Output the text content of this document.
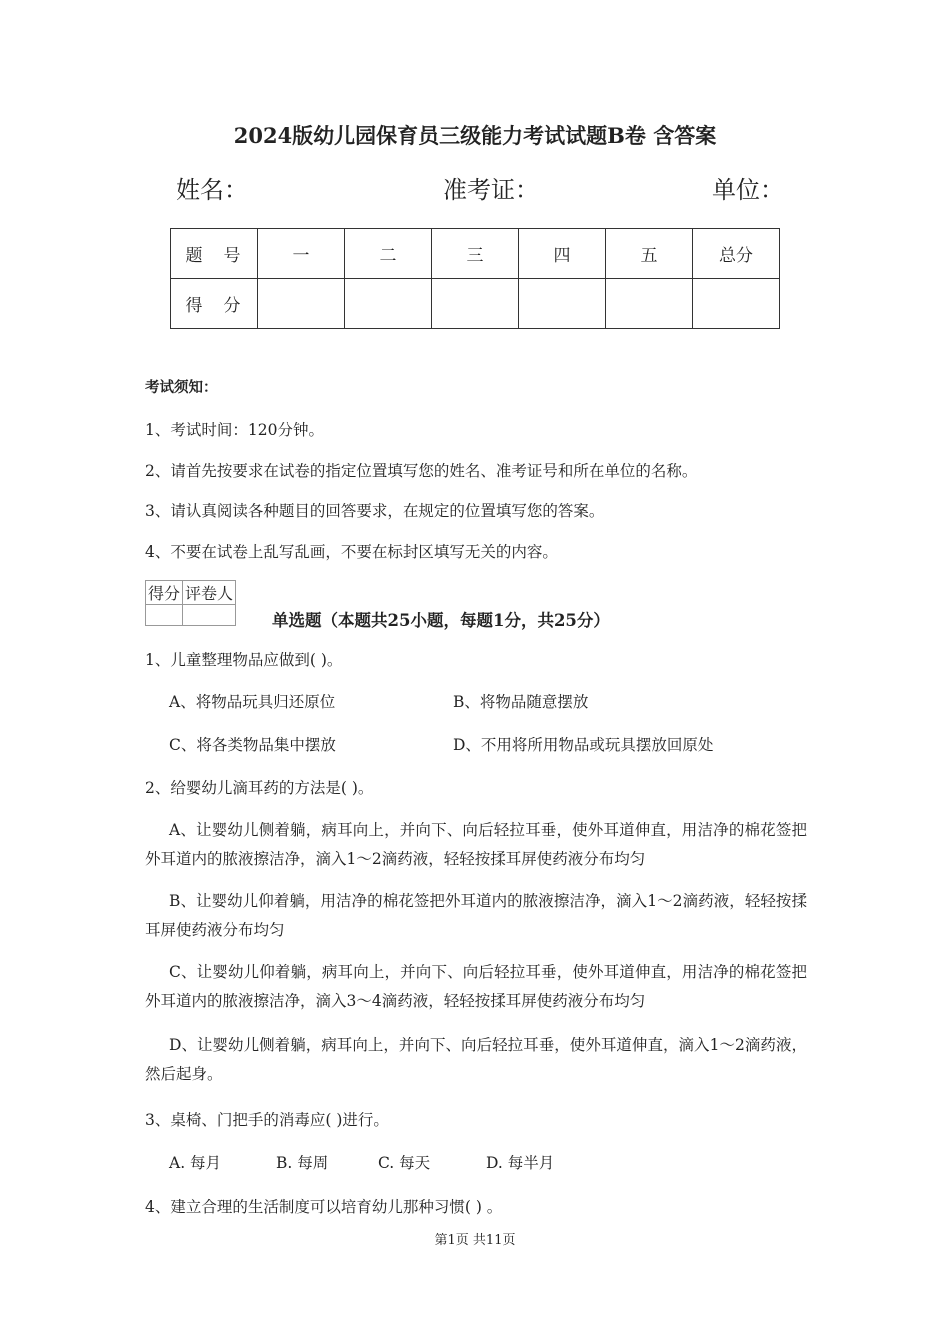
2024版幼儿园保育员三级能力考试试题B卷 含答案
姓名：	准考证：	单位：
题　号	一	二	三	四	五	总分
得　分						
考试须知：
1、考试时间：120分钟。
2、请首先按要求在试卷的指定位置填写您的姓名、准考证号和所在单位的名称。
3、请认真阅读各种题目的回答要求，在规定的位置填写您的答案。
4、不要在试卷上乱写乱画，不要在标封区填写无关的内容。
得分	评卷人

单选题（本题共25小题，每题1分，共25分）
1、儿童整理物品应做到( )。
A、将物品玩具归还原位	B、将物品随意摆放
C、将各类物品集中摆放	D、不用将所用物品或玩具摆放回原处
2、给婴幼儿滴耳药的方法是( )。
A、让婴幼儿侧着躺，病耳向上，并向下、向后轻拉耳垂，使外耳道伸直，用洁净的棉花签把外耳道内的脓液擦洁净，滴入1～2滴药液，轻轻按揉耳屏使药液分布均匀
B、让婴幼儿仰着躺，用洁净的棉花签把外耳道内的脓液擦洁净，滴入1～2滴药液，轻轻按揉耳屏使药液分布均匀
C、让婴幼儿仰着躺，病耳向上，并向下、向后轻拉耳垂，使外耳道伸直，用洁净的棉花签把外耳道内的脓液擦洁净，滴入3～4滴药液，轻轻按揉耳屏使药液分布均匀
D、让婴幼儿侧着躺，病耳向上，并向下、向后轻拉耳垂，使外耳道伸直，滴入1～2滴药液，然后起身。
3、桌椅、门把手的消毒应( )进行。
A. 每月	B. 每周	C. 每天	D. 每半月
4、建立合理的生活制度可以培育幼儿那种习惯( ) 。
第1页 共11页
